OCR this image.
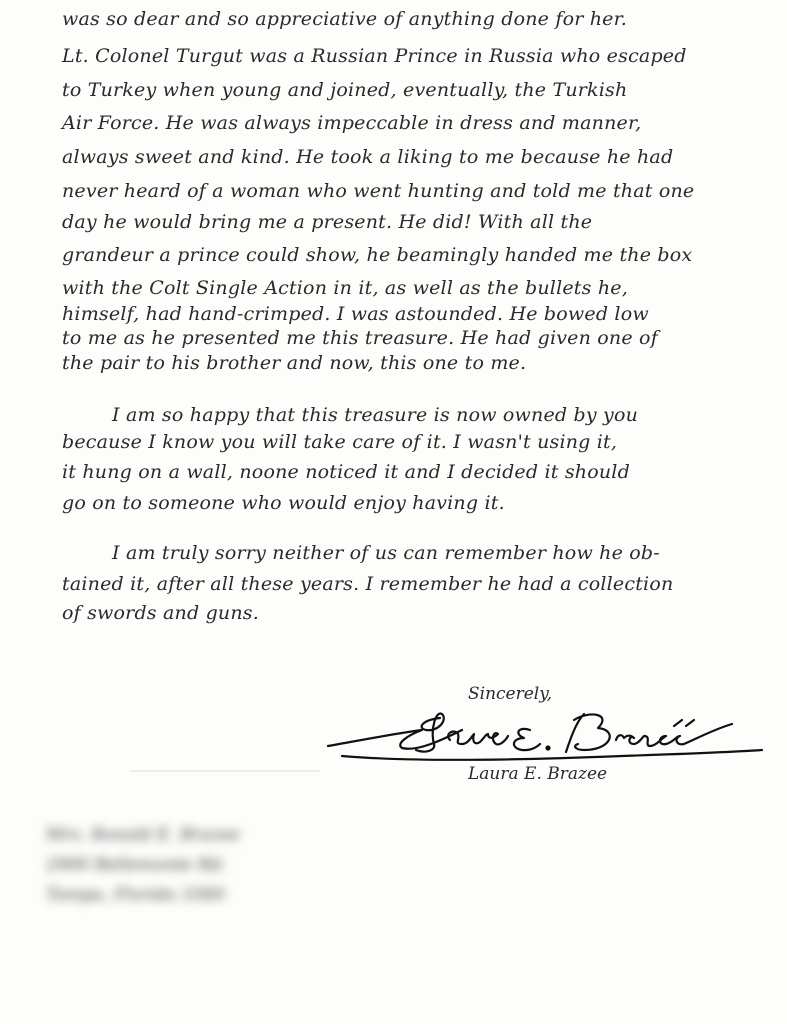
was so dear and so appreciative of anything done for her.
Lt. Colonel Turgut was a Russian Prince in Russia who escaped
to Turkey when young and joined, eventually, the Turkish
Air Force. He was always impeccable in dress and manner,
always sweet and kind. He took a liking to me because he had
never heard of a woman who went hunting and told me that one
day he would bring me a present. He did! With all the
grandeur a prince could show, he beamingly handed me the box
with the Colt Single Action in it, as well as the bullets he,
himself, had hand-crimped. I was astounded. He bowed low
to me as he presented me this treasure. He had given one of
the pair to his brother and now, this one to me.
I am so happy that this treasure is now owned by you
because I know you will take care of it. I wasn't using it,
it hung on a wall, noone noticed it and I decided it should
go on to someone who would enjoy having it.
I am truly sorry neither of us can remember how he ob-
tained it, after all these years. I remember he had a collection
of swords and guns.
Sincerely,
Laura E. Brazee
Mrs. Ronald E. Brazee
2900 Bellemonte Rd.
Tampa, Florida 3360
